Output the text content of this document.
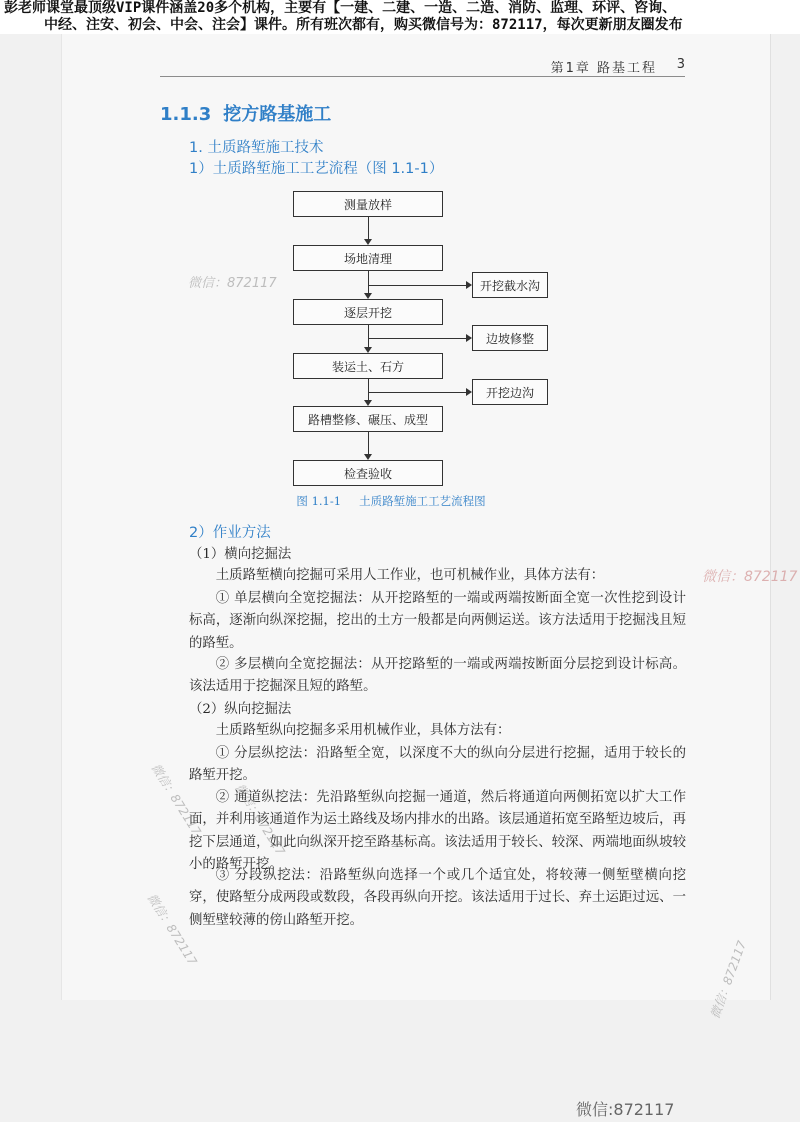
彭老师课堂最顶级VIP课件涵盖20多个机构，主要有【一建、二建、一造、二造、消防、监理、环评、咨询、
中经、注安、初会、中会、注会】课件。所有班次都有，购买微信号为：872117，每次更新朋友圈发布
第1章 路基工程 3
1.1.3 挖方路基施工
1. 土质路堑施工技术
1）土质路堑施工工艺流程（图 1.1-1）
测量放样
场地清理
逐层开挖
装运土、石方
路槽整修、碾压、成型
检查验收
开挖截水沟
边坡修整
开挖边沟
图 1.1-1 土质路堑施工工艺流程图
2）作业方法
（1）横向挖掘法
土质路堑横向挖掘可采用人工作业，也可机械作业，具体方法有：
① 单层横向全宽挖掘法：从开挖路堑的一端或两端按断面全宽一次性挖到设计标高，逐渐向纵深挖掘，挖出的土方一般都是向两侧运送。该方法适用于挖掘浅且短的路堑。
② 多层横向全宽挖掘法：从开挖路堑的一端或两端按断面分层挖到设计标高。该法适用于挖掘深且短的路堑。
（2）纵向挖掘法
土质路堑纵向挖掘多采用机械作业，具体方法有：
① 分层纵挖法：沿路堑全宽，以深度不大的纵向分层进行挖掘，适用于较长的路堑开挖。
② 通道纵挖法：先沿路堑纵向挖掘一通道，然后将通道向两侧拓宽以扩大工作面，并利用该通道作为运土路线及场内排水的出路。该层通道拓宽至路堑边坡后，再挖下层通道，如此向纵深开挖至路基标高。该法适用于较长、较深、两端地面纵坡较小的路堑开挖。
③ 分段纵挖法：沿路堑纵向选择一个或几个适宜处，将较薄一侧堑壁横向挖穿，使路堑分成两段或数段，各段再纵向开挖。该法适用于过长、弃土运距过远、一侧堑壁较薄的傍山路堑开挖。
微信：872117
微信：872117
微信：872117 微信：872117
微信：872117
微信：872117
微信:872117
